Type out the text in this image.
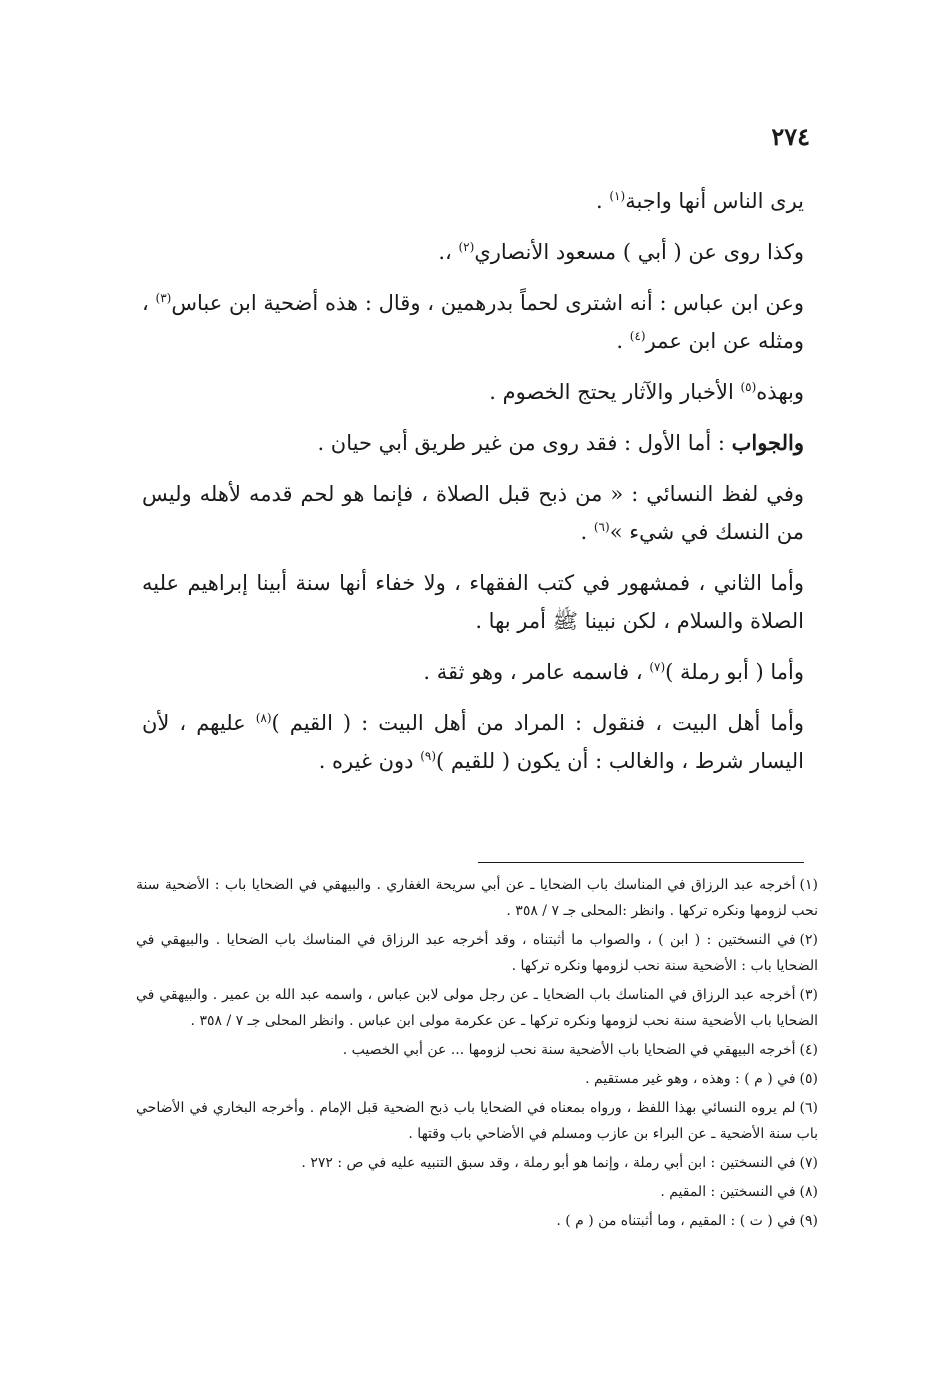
٢٧٤

يرى الناس أنها واجبة$^{(١)}$ .

وكذا روى عن ( أبي ) مسعود الأنصاري$^{(٢)}$ ،.

وعن ابن عباس : أنه اشترى لحماً بدرهمين ، وقال : هذه أضحية ابن عباس$^{(٣)}$ ، ومثله عن ابن عمر$^{(٤)}$ .

وبهذه$^{(٥)}$ الأخبار والآثار يحتج الخصوم .

والجواب : أما الأول : فقد روى من غير طريق أبي حيان .

وفي لفظ النسائي : « من ذبح قبل الصلاة ، فإنما هو لحم قدمه لأهله وليس من النسك في شيء »$^{(٦)}$ .

وأما الثاني ، فمشهور في كتب الفقهاء ، ولا خفاء أنها سنة أبينا إبراهيم عليه الصلاة والسلام ، لكن نبينا ﷺ أمر بها .

وأما ( أبو رملة )$^{(٧)}$ ، فاسمه عامر ، وهو ثقة .

وأما أهل البيت ، فنقول : المراد من أهل البيت : ( القيم )$^{(٨)}$ عليهم ، لأن اليسار شرط ، والغالب : أن يكون ( للقيم )$^{(٩)}$ دون غيره .

(١)أخرجه عبد الرزاق في المناسك باب الضحايا ـ عن أبي سريحة الغفاري . والبيهقي في الضحايا باب : الأضحية سنة نحب لزومها ونكره تركها . وانظر :المحلى جـ ٧ / ٣٥٨ .

(٢)في النسختين : ( ابن ) ، والصواب ما أثبتناه ، وقد أخرجه عبد الرزاق في المناسك باب الضحايا . والبيهقي في الضحايا باب : الأضحية سنة نحب لزومها ونكره تركها .

(٣)أخرجه عبد الرزاق في المناسك باب الضحايا ـ عن رجل مولى لابن عباس ، واسمه عبد الله بن عمير . والبيهقي في الضحايا باب الأضحية سنة نحب لزومها ونكره تركها ـ عن عكرمة مولى ابن عباس . وانظر المحلى جـ ٧ / ٣٥٨ .

(٤)أخرجه البيهقي في الضحايا باب الأضحية سنة نحب لزومها ... عن أبي الخصيب .

(٥)في ( م ) : وهذه ، وهو غير مستقيم .

(٦)لم يروه النسائي بهذا اللفظ ، ورواه بمعناه في الضحايا باب ذبح الضحية قبل الإمام . وأخرجه البخاري في الأضاحي باب سنة الأضحية ـ عن البراء بن عازب ومسلم في الأضاحي باب وقتها .

(٧)في النسختين : ابن أبي رملة ، وإنما هو أبو رملة ، وقد سبق التنبيه عليه في ص : ٢٧٢ .

(٨)في النسختين : المقيم .

(٩)في ( ت ) : المقيم ، وما أثبتناه من ( م ) .
